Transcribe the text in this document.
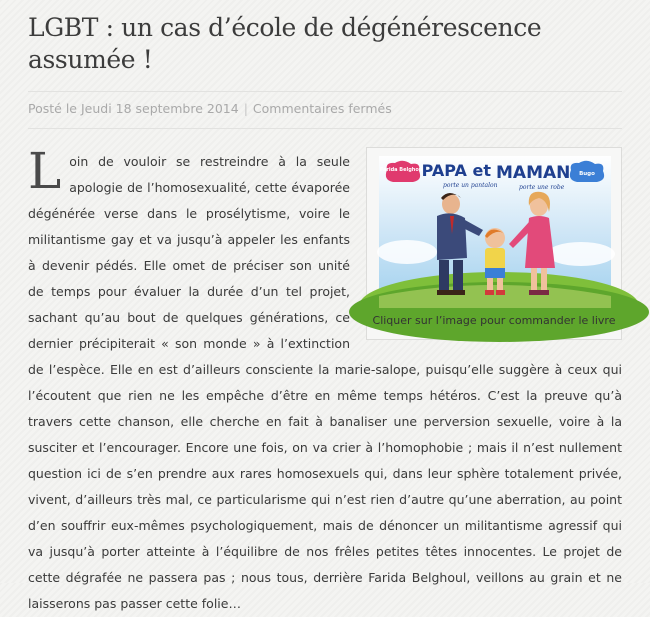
LGBT : un cas d’école de dégénérescence assumée !
Posté le Jeudi 18 septembre 2014 | Commentaires fermés
Farida Belghoul
Bugo
PAPA et MAMAN
porte un pantalon	porte une robe
Cliquer sur l’image pour commander le livre
L oin de vouloir se restreindre à la seule apologie de l’homosexualité, cette évaporée dégénérée verse dans le prosélytisme, voire le militantisme gay et va jusqu’à appeler les enfants à devenir pédés. Elle omet de préciser son unité de temps pour évaluer la durée d’un tel projet, sachant qu’au bout de quelques générations, ce dernier précipiterait « son monde » à l’extinction de l’espèce. Elle en est d’ailleurs consciente la marie-salope, puisqu’elle suggère à ceux qui l’écoutent que rien ne les empêche d’être en même temps hétéros. C’est la preuve qu’à travers cette chanson, elle cherche en fait à banaliser une perversion sexuelle, voire à la susciter et l’encourager. Encore une fois, on va crier à l’homophobie ; mais il n’est nullement question ici de s’en prendre aux rares homosexuels qui, dans leur sphère totalement privée, vivent, d’ailleurs très mal, ce particularisme qui n’est rien d’autre qu’une aberration, au point d’en souffrir eux-mêmes psychologiquement, mais de dénoncer un militantisme agressif qui va jusqu’à porter atteinte à l’équilibre de nos frêles petites têtes innocentes. Le projet de cette dégrafée ne passera pas ; nous tous, derrière Farida Belghoul, veillons au grain et ne laisserons pas passer cette folie…
